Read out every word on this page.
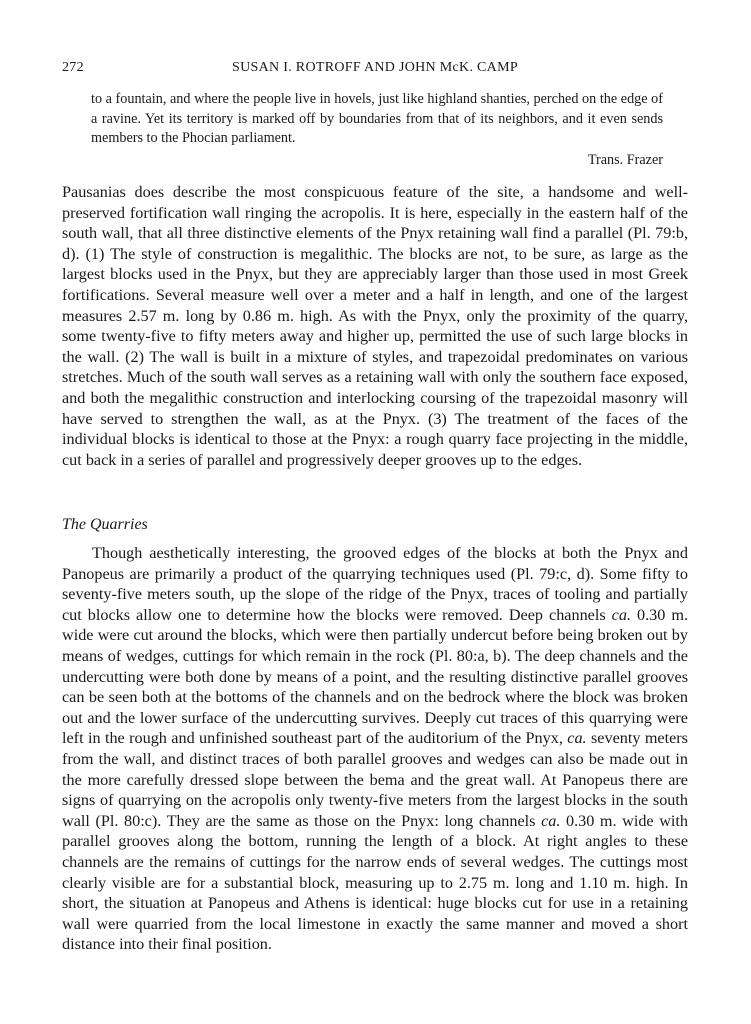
272	SUSAN I. ROTROFF AND JOHN McK. CAMP

to a fountain, and where the people live in hovels, just like highland shanties, perched on the edge of a ravine. Yet its territory is marked off by boundaries from that of its neighbors, and it even sends members to the Phocian parliament.

Trans. Frazer

Pausanias does describe the most conspicuous feature of the site, a handsome and well-preserved fortification wall ringing the acropolis. It is here, especially in the eastern half of the south wall, that all three distinctive elements of the Pnyx retaining wall find a parallel (Pl. 79:b, d). (1) The style of construction is megalithic. The blocks are not, to be sure, as large as the largest blocks used in the Pnyx, but they are appreciably larger than those used in most Greek fortifications. Several measure well over a meter and a half in length, and one of the largest measures 2.57 m. long by 0.86 m. high. As with the Pnyx, only the proximity of the quarry, some twenty-five to fifty meters away and higher up, permitted the use of such large blocks in the wall. (2) The wall is built in a mixture of styles, and trapezoidal predominates on various stretches. Much of the south wall serves as a retaining wall with only the southern face exposed, and both the megalithic construction and interlocking coursing of the trapezoidal masonry will have served to strengthen the wall, as at the Pnyx. (3) The treatment of the faces of the individual blocks is identical to those at the Pnyx: a rough quarry face projecting in the middle, cut back in a series of parallel and progressively deeper grooves up to the edges.

The Quarries

Though aesthetically interesting, the grooved edges of the blocks at both the Pnyx and Panopeus are primarily a product of the quarrying techniques used (Pl. 79:c, d). Some fifty to seventy-five meters south, up the slope of the ridge of the Pnyx, traces of tooling and partially cut blocks allow one to determine how the blocks were removed. Deep channels ca. 0.30 m. wide were cut around the blocks, which were then partially undercut before being broken out by means of wedges, cuttings for which remain in the rock (Pl. 80:a, b). The deep channels and the undercutting were both done by means of a point, and the resulting distinctive parallel grooves can be seen both at the bottoms of the channels and on the bedrock where the block was broken out and the lower surface of the undercutting survives. Deeply cut traces of this quarrying were left in the rough and unfinished southeast part of the auditorium of the Pnyx, ca. seventy meters from the wall, and distinct traces of both parallel grooves and wedges can also be made out in the more carefully dressed slope between the bema and the great wall. At Panopeus there are signs of quarrying on the acropolis only twenty-five meters from the largest blocks in the south wall (Pl. 80:c). They are the same as those on the Pnyx: long channels ca. 0.30 m. wide with parallel grooves along the bottom, running the length of a block. At right angles to these channels are the remains of cuttings for the narrow ends of several wedges. The cuttings most clearly visible are for a substantial block, measuring up to 2.75 m. long and 1.10 m. high. In short, the situation at Panopeus and Athens is identical: huge blocks cut for use in a retaining wall were quarried from the local limestone in exactly the same manner and moved a short distance into their final position.
